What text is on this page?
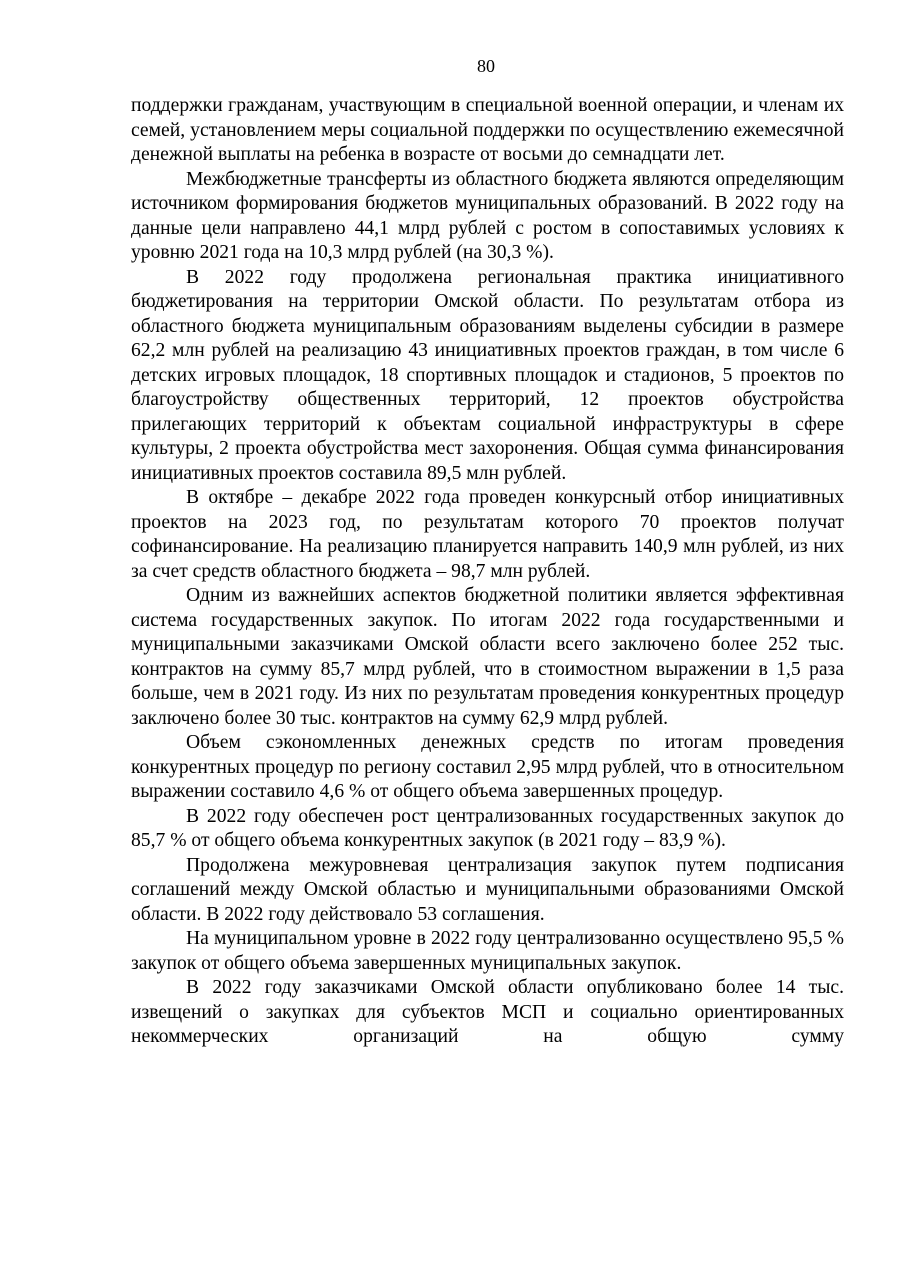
80

поддержки гражданам, участвующим в специальной военной операции, и членам их семей, установлением меры социальной поддержки по осуществлению ежемесячной денежной выплаты на ребенка в возрасте от восьми до семнадцати лет.

Межбюджетные трансферты из областного бюджета являются определяющим источником формирования бюджетов муниципальных образований. В 2022 году на данные цели направлено 44,1 млрд рублей с ростом в сопоставимых условиях к уровню 2021 года на 10,3 млрд рублей (на 30,3 %).

В 2022 году продолжена региональная практика инициативного бюджетирования на территории Омской области. По результатам отбора из областного бюджета муниципальным образованиям выделены субсидии в размере 62,2 млн рублей на реализацию 43 инициативных проектов граждан, в том числе 6 детских игровых площадок, 18 спортивных площадок и стадионов, 5 проектов по благоустройству общественных территорий, 12 проектов обустройства прилегающих территорий к объектам социальной инфраструктуры в сфере культуры, 2 проекта обустройства мест захоронения. Общая сумма финансирования инициативных проектов составила 89,5 млн рублей.

В октябре – декабре 2022 года проведен конкурсный отбор инициативных проектов на 2023 год, по результатам которого 70 проектов получат софинансирование. На реализацию планируется направить 140,9 млн рублей, из них за счет средств областного бюджета – 98,7 млн рублей.

Одним из важнейших аспектов бюджетной политики является эффективная система государственных закупок. По итогам 2022 года государственными и муниципальными заказчиками Омской области всего заключено более 252 тыс. контрактов на сумму 85,7 млрд рублей, что в стоимостном выражении в 1,5 раза больше, чем в 2021 году. Из них по результатам проведения конкурентных процедур заключено более 30 тыс. контрактов на сумму 62,9 млрд рублей.

Объем сэкономленных денежных средств по итогам проведения конкурентных процедур по региону составил 2,95 млрд рублей, что в относительном выражении составило 4,6 % от общего объема завершенных процедур.

В 2022 году обеспечен рост централизованных государственных закупок до 85,7 % от общего объема конкурентных закупок (в 2021 году – 83,9 %).

Продолжена межуровневая централизация закупок путем подписания соглашений между Омской областью и муниципальными образованиями Омской области. В 2022 году действовало 53 соглашения.

На муниципальном уровне в 2022 году централизованно осуществлено 95,5 % закупок от общего объема завершенных муниципальных закупок.

В 2022 году заказчиками Омской области опубликовано более 14 тыс. извещений о закупках для субъектов МСП и социально ориентированных некоммерческих организаций на общую сумму
